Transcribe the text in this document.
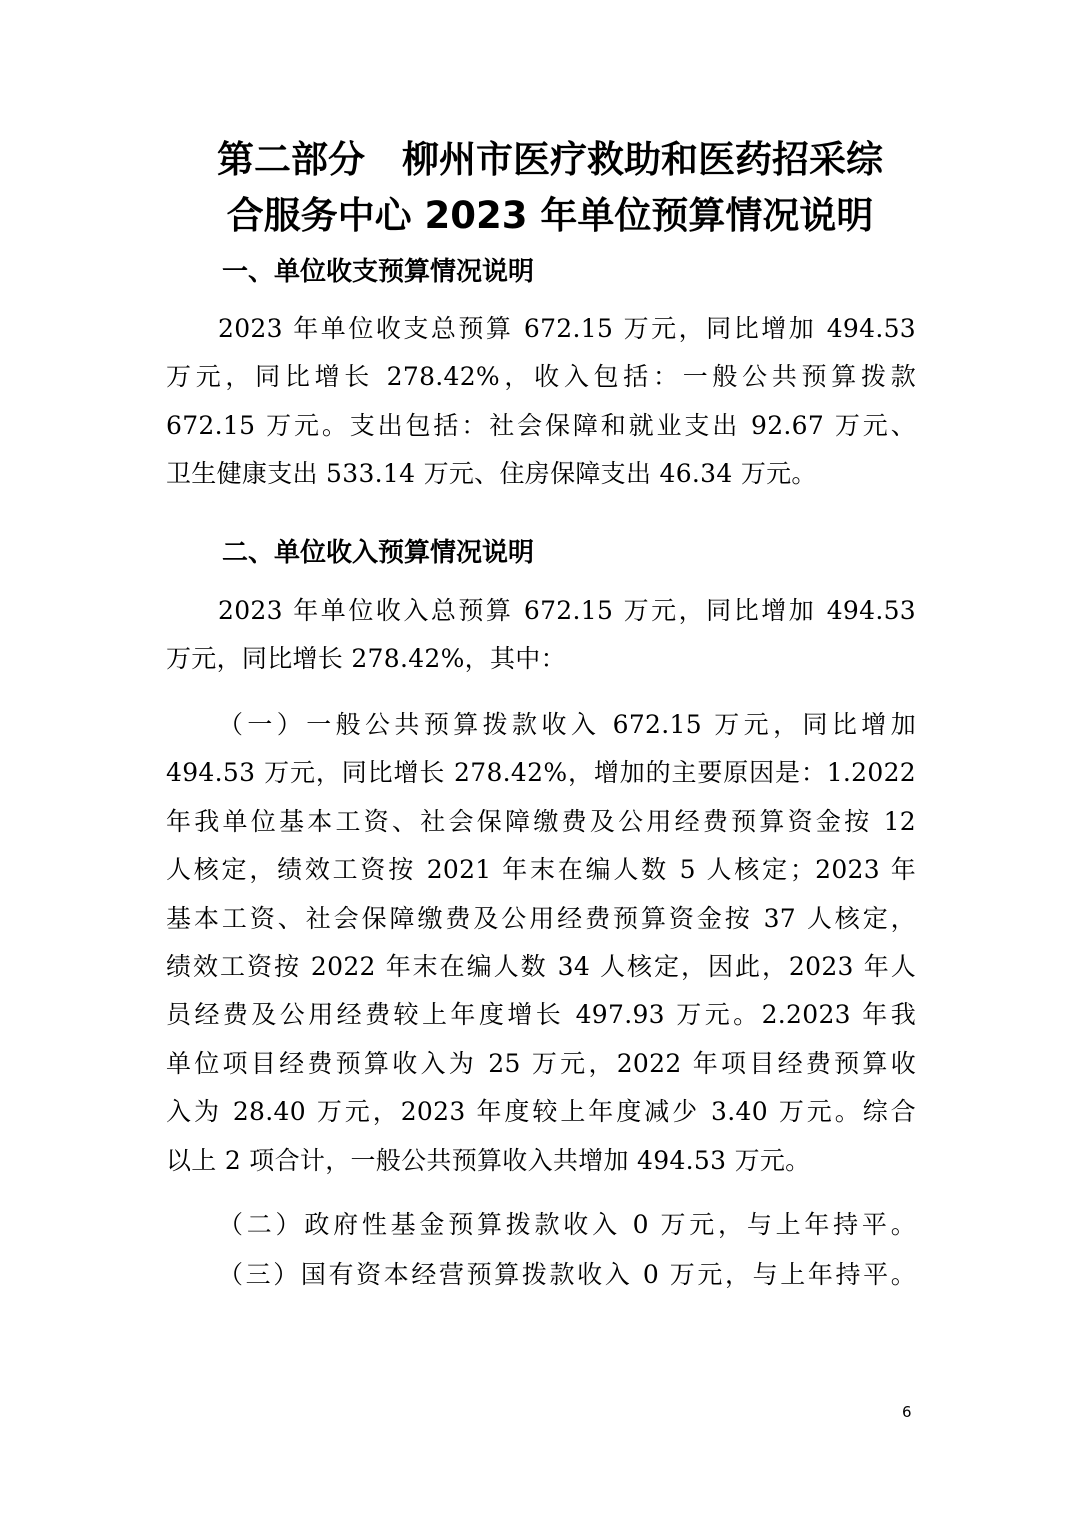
第二部分　柳州市医疗救助和医药招采综
合服务中心 2023 年单位预算情况说明
一、单位收支预算情况说明
2023 年单位收支总预算 672.15 万元，同比增加 494.53
万元，同比增长 278.42%，收入包括：一般公共预算拨款
672.15 万元。支出包括：社会保障和就业支出 92.67 万元、
卫生健康支出 533.14 万元、住房保障支出 46.34 万元。
二、单位收入预算情况说明
2023 年单位收入总预算 672.15 万元，同比增加 494.53
万元，同比增长 278.42%，其中：
（一）一般公共预算拨款收入 672.15 万元，同比增加
494.53 万元，同比增长 278.42%，增加的主要原因是：1.2022
年我单位基本工资、社会保障缴费及公用经费预算资金按 12
人核定，绩效工资按 2021 年末在编人数 5 人核定；2023 年
基本工资、社会保障缴费及公用经费预算资金按 37 人核定，
绩效工资按 2022 年末在编人数 34 人核定，因此，2023 年人
员经费及公用经费较上年度增长 497.93 万元。2.2023 年我
单位项目经费预算收入为 25 万元，2022 年项目经费预算收
入为 28.40 万元，2023 年度较上年度减少 3.40 万元。综合
以上 2 项合计，一般公共预算收入共增加 494.53 万元。
（二）政府性基金预算拨款收入 0 万元，与上年持平。
（三）国有资本经营预算拨款收入 0 万元，与上年持平。
6
